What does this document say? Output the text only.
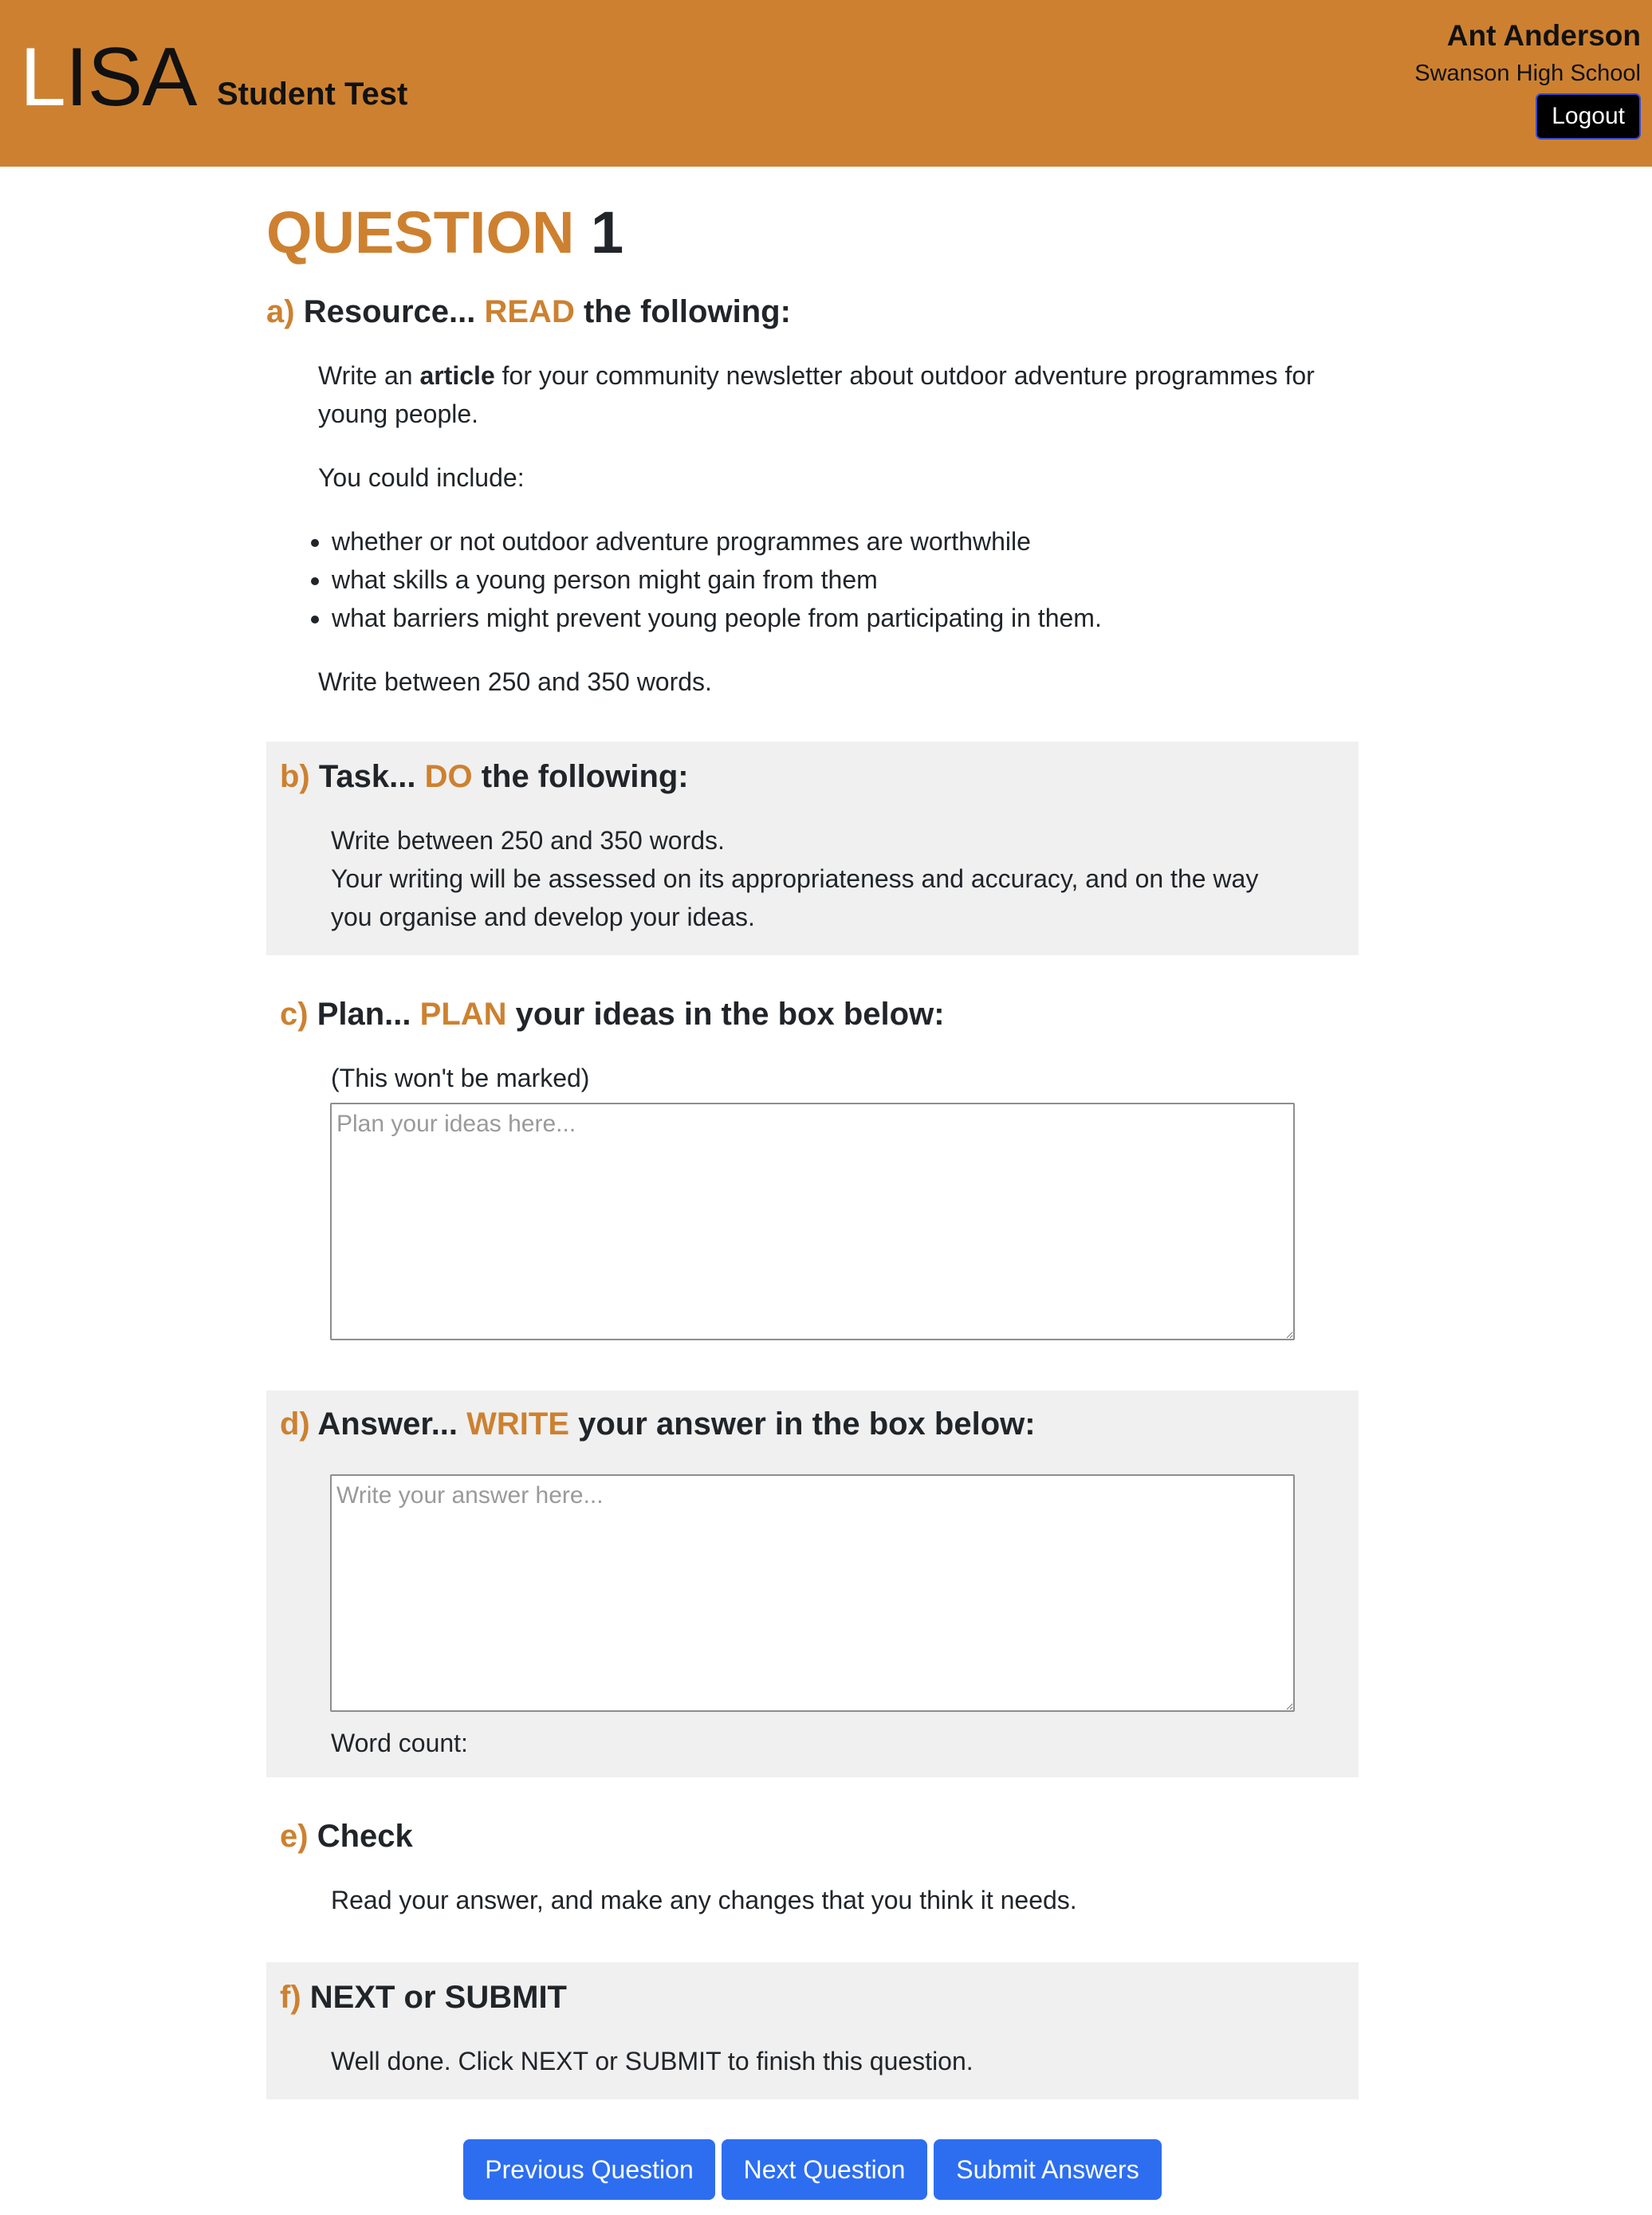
LISA Student Test
Ant Anderson
Swanson High School
Logout
QUESTION 1
a) Resource... READ the following:

Write an article for your community newsletter about outdoor adventure programmes for young people.

You could include:

• whether or not outdoor adventure programmes are worthwhile
• what skills a young person might gain from them
• what barriers might prevent young people from participating in them.

Write between 250 and 350 words.

b) Task... DO the following:

Write between 250 and 350 words.

Your writing will be assessed on its appropriateness and accuracy, and on the way you organise and develop your ideas.

c) Plan... PLAN your ideas in the box below:

(This won't be marked)

Plan your ideas here...
d) Answer... WRITE your answer in the box below:
Write your answer here...

Word count:

e) Check

Read your answer, and make any changes that you think it needs.

f) NEXT or SUBMIT

Well done. Click NEXT or SUBMIT to finish this question.

Previous Question	Next Question	Submit Answers
